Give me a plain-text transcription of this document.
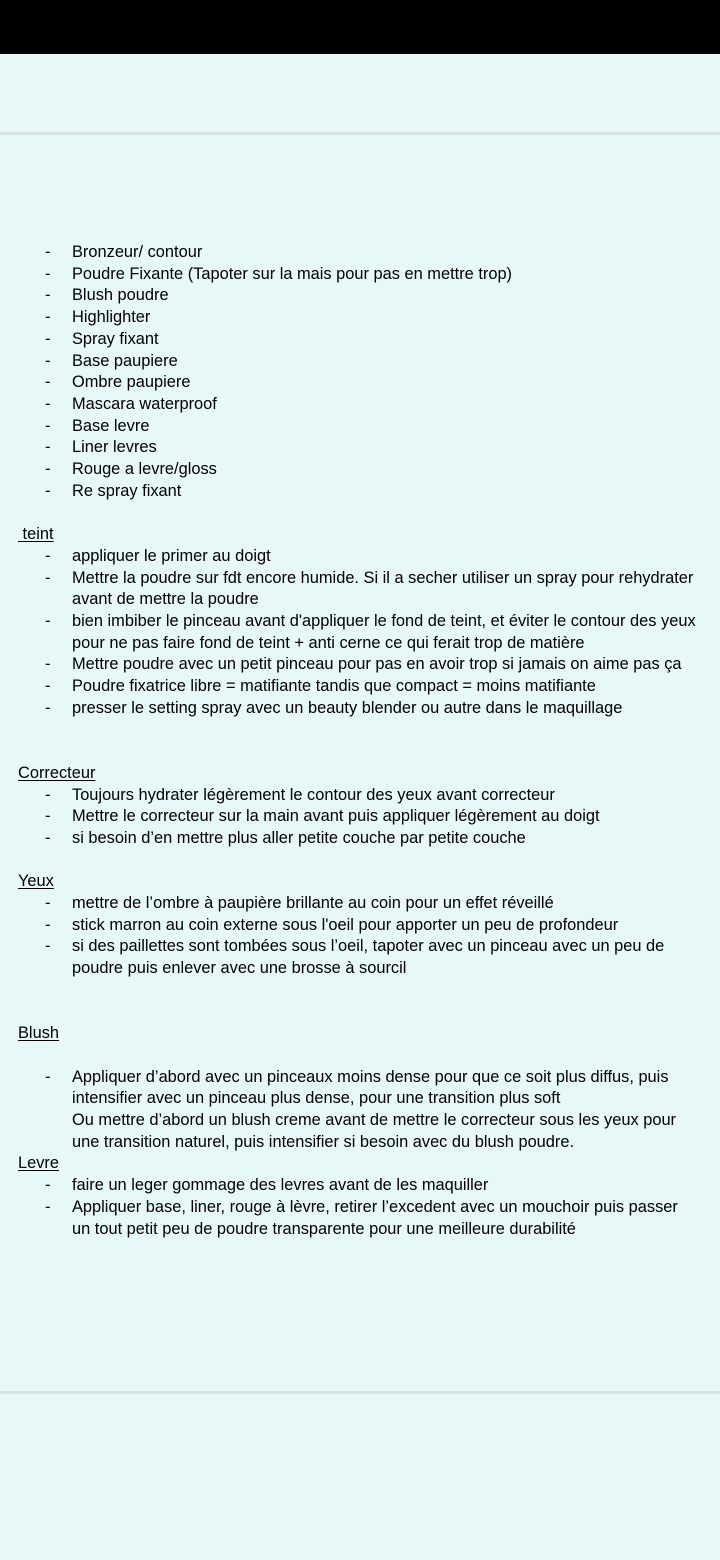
- Bronzeur/ contour
- Poudre Fixante (Tapoter sur la mais pour pas en mettre trop)
- Blush poudre
- Highlighter
- Spray fixant
- Base paupiere
- Ombre paupiere
- Mascara waterproof
- Base levre
- Liner levres
- Rouge a levre/gloss
- Re spray fixant
teint
- appliquer le primer au doigt
- Mettre la poudre sur fdt encore humide. Si il a secher utiliser un spray pour rehydrater avant de mettre la poudre
- bien imbiber le pinceau avant d'appliquer le fond de teint, et éviter le contour des yeux pour ne pas faire fond de teint + anti cerne ce qui ferait trop de matière
- Mettre poudre avec un petit pinceau pour pas en avoir trop si jamais on aime pas ça
- Poudre fixatrice libre = matifiante tandis que compact = moins matifiante
- presser le setting spray avec un beauty blender ou autre dans le maquillage
Correcteur
- Toujours hydrater légèrement le contour des yeux avant correcteur
- Mettre le correcteur sur la main avant puis appliquer légèrement au doigt
- si besoin d’en mettre plus aller petite couche par petite couche
Yeux
- mettre de l’ombre à paupière brillante au coin pour un effet réveillé
- stick marron au coin externe sous l'oeil pour apporter un peu de profondeur
- si des paillettes sont tombées sous l’oeil, tapoter avec un pinceau avec un peu de poudre puis enlever avec une brosse à sourcil
Blush
- Appliquer d’abord avec un pinceaux moins dense pour que ce soit plus diffus, puis intensifier avec un pinceau plus dense, pour une transition plus soft
Ou mettre d’abord un blush creme avant de mettre le correcteur sous les yeux pour une transition naturel, puis intensifier si besoin avec du blush poudre.
Levre
- faire un leger gommage des levres avant de les maquiller
- Appliquer base, liner, rouge à lèvre, retirer l’excedent avec un mouchoir puis passer un tout petit peu de poudre transparente pour une meilleure durabilité
